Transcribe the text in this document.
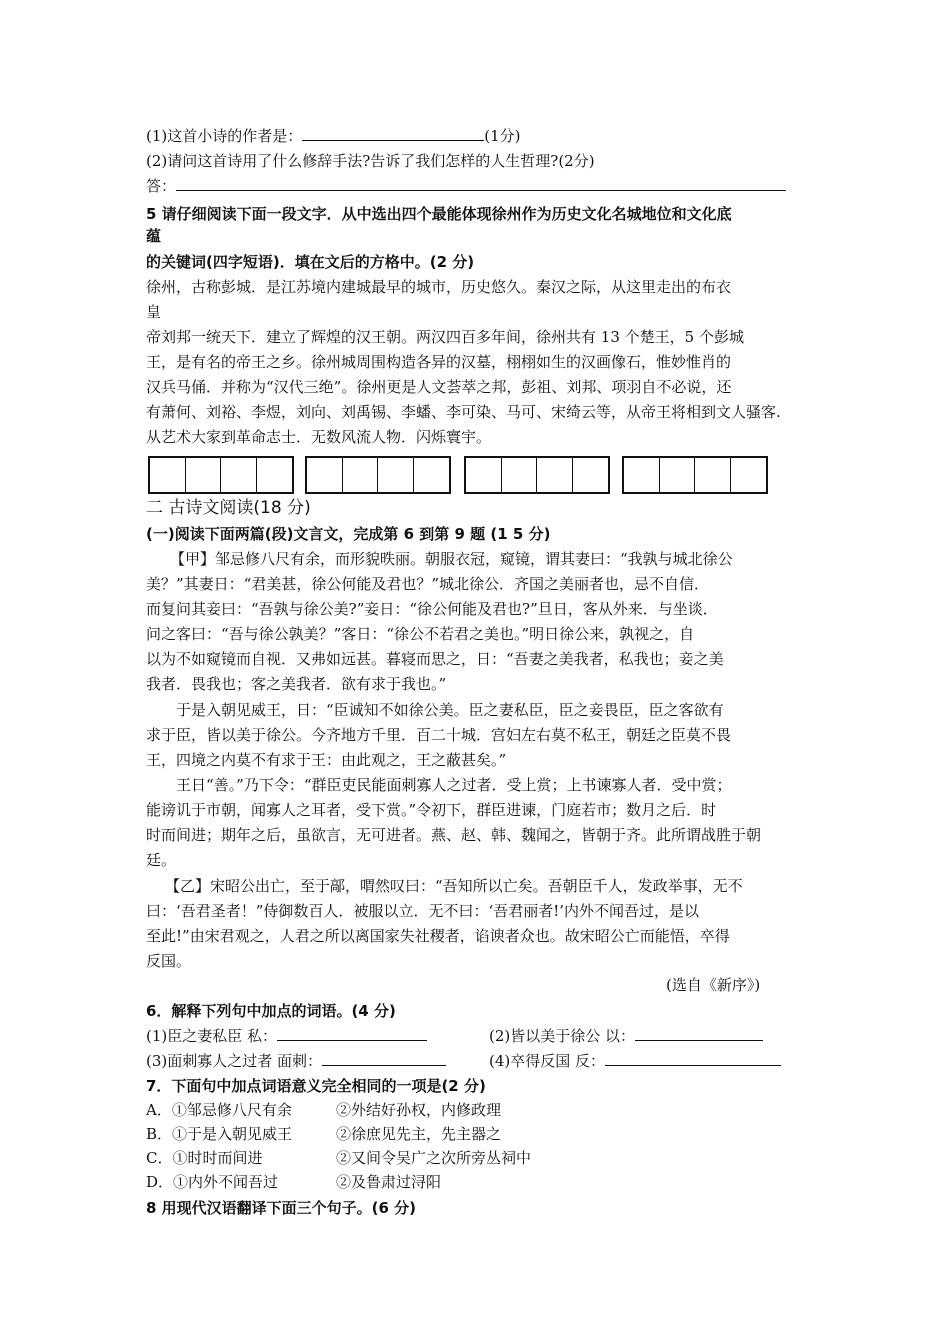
(1)这首小诗的作者是：	(1分)
(2)请问这首诗用了什么修辞手法?告诉了我们怎样的人生哲理?(2分)
答：
5 请仔细阅读下面一段文字．从中选出四个最能体现徐州作为历史文化名城地位和文化底
蕴
的关键词(四字短语)．填在文后的方格中。(2 分)
徐州，古称彭城．是江苏境内建城最早的城市，历史悠久。秦汉之际，从这里走出的布衣
皇
帝刘邦一统天下．建立了辉煌的汉王朝。两汉四百多年间，徐州共有 13 个楚王，5 个彭城
王，是有名的帝王之乡。徐州城周围构造各异的汉墓，栩栩如生的汉画像石，惟妙惟肖的
汉兵马俑．并称为“汉代三绝”。徐州更是人文荟萃之邦，彭祖、刘邦、项羽自不必说，还
有萧何、刘裕、李煜，刘向、刘禹锡、李蟠、李可染、马可、宋绮云等，从帝王将相到文人骚客.
从艺术大家到革命志士．无数风流人物．闪烁寰宇。
二 古诗文阅读(18 分)
(一)阅读下面两篇(段)文言文，完成第 6 到第 9 题 (1 5 分)
【甲】邹忌修八尺有余，而形貌昳丽。朝服衣冠，窥镜，谓其妻曰：“我孰与城北徐公
美？”其妻日：“君美甚，徐公何能及君也？”城北徐公．齐国之美丽者也，忌不自信．
而复问其妾曰：“吾孰与徐公美?”妾日：“徐公何能及君也?”旦日，客从外来．与坐谈．
问之客曰：“吾与徐公孰美？”客日：“徐公不若君之美也。”明日徐公来，孰视之，自
以为不如窥镜而自视．又弗如远甚。暮寝而思之，日：“吾妻之美我者，私我也；妾之美
我者．畏我也；客之美我者．欲有求于我也。”
于是入朝见威王，日：“臣诚知不如徐公美。臣之妻私臣，臣之妾畏臣，臣之客欲有
求于臣，皆以美于徐公。今齐地方千里．百二十城．宫妇左右莫不私王，朝廷之臣莫不畏
王，四境之内莫不有求于王：由此观之，王之蔽甚矣。”
王日“善。”乃下令：“群臣吏民能面刺寡人之过者．受上赏；上书谏寡人者．受中赏；
能谤讥于市朝，闻寡人之耳者，受下赏。”令初下，群臣进谏，门庭若市；数月之后．时
时而间进；期年之后，虽欲言，无可进者。燕、赵、韩、魏闻之，皆朝于齐。此所谓战胜于朝
廷。
【乙】宋昭公出亡，至于鄗，喟然叹曰：“吾知所以亡矣。吾朝臣千人，发政举事，无不
曰：‘吾君圣者！”侍御数百人．被服以立．无不曰：‘吾君丽者!’内外不闻吾过，是以
至此!”由宋君观之，人君之所以离国家失社稷者，谄谀者众也。故宋昭公亡而能悟，卒得
反国。
(选自《新序》)
6．解释下列句中加点的词语。(4 分)
(1)臣之妻私臣 私：	(2)皆以美于徐公 以：
(3)面刺寡人之过者 面刺：	(4)卒得反国 反：
7．下面句中加点词语意义完全相同的一项是(2 分)
A．①邹忌修八尺有余	②外结好孙权，内修政理
B．①于是入朝见威王	②徐庶见先主，先主器之
C．①时时而间进	②又间令吴广之次所旁丛祠中
D．①内外不闻吾过	②及鲁肃过浔阳
8 用现代汉语翻译下面三个句子。(6 分)
